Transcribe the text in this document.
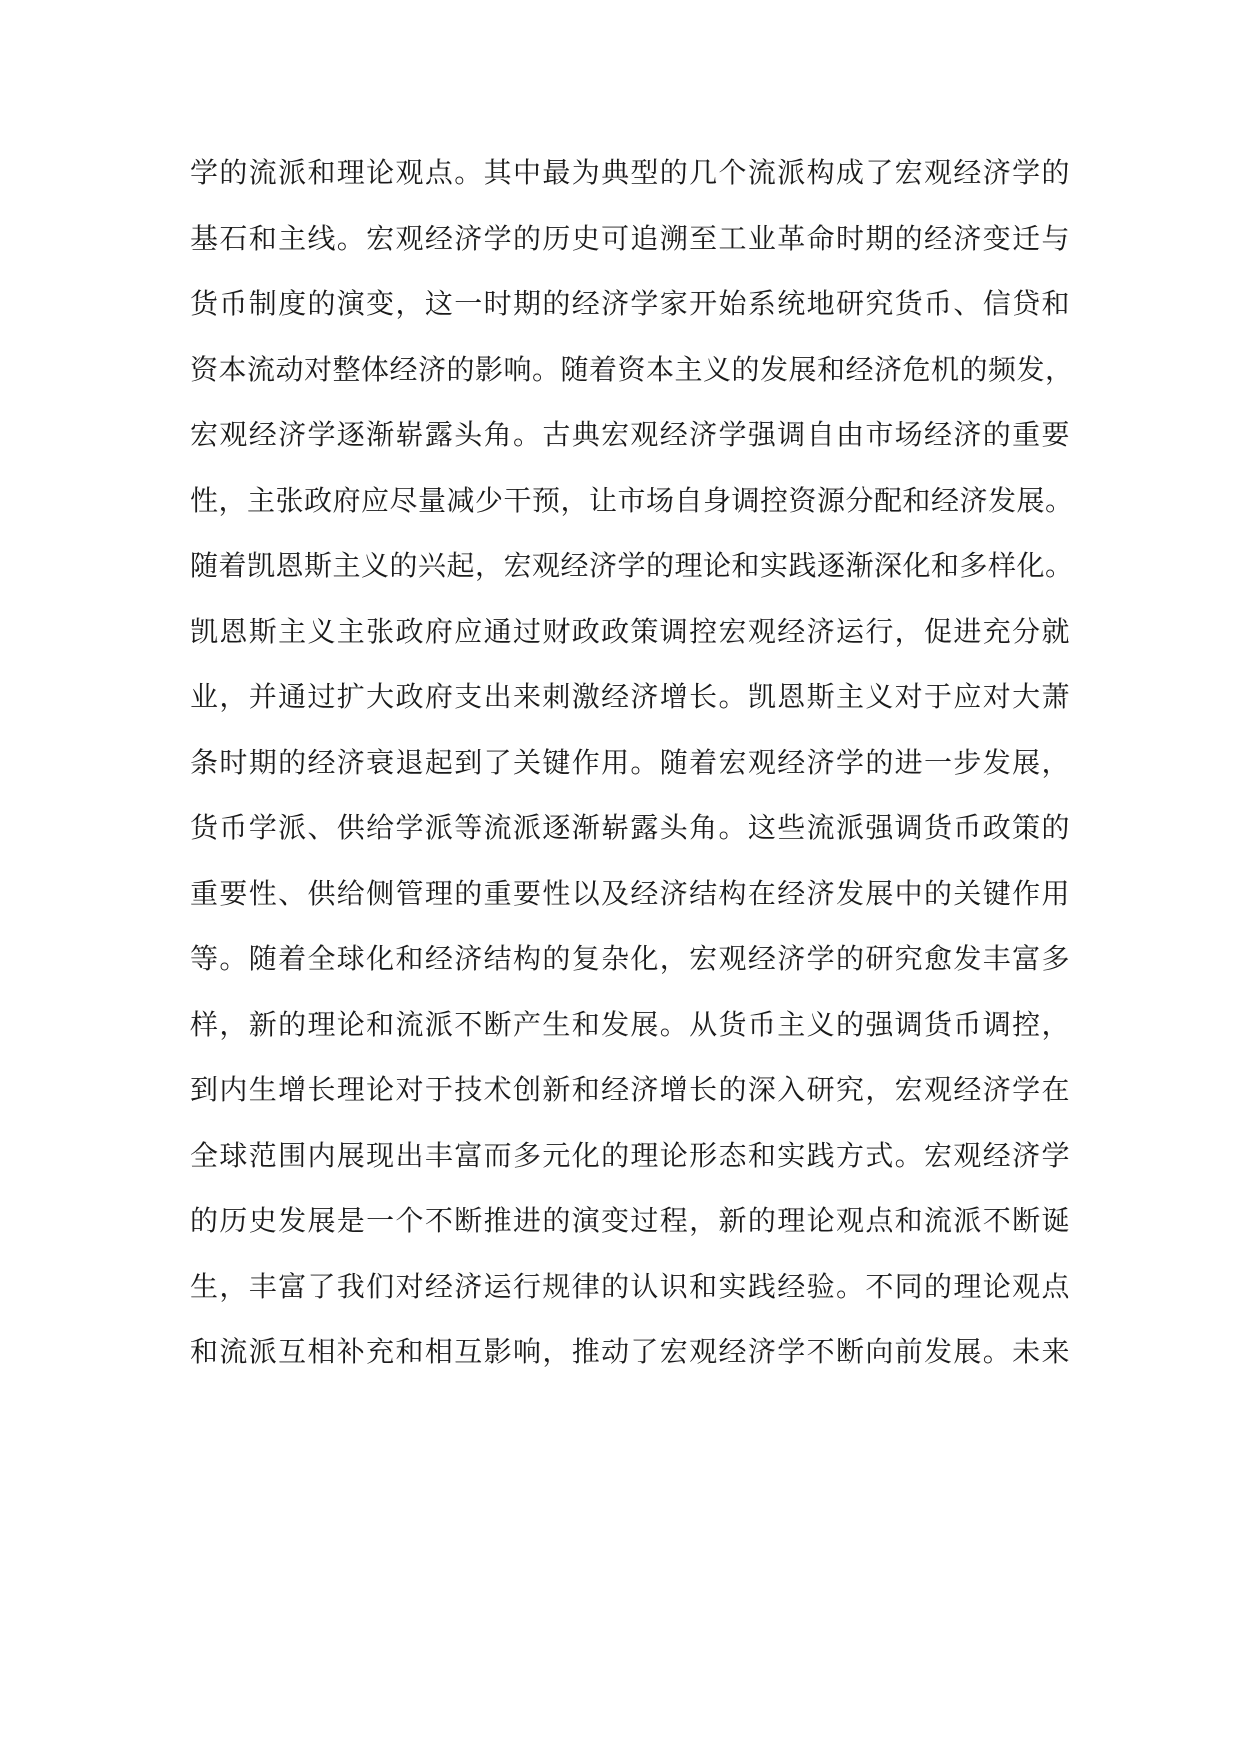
学的流派和理论观点。其中最为典型的几个流派构成了宏观经济学的
基石和主线。宏观经济学的历史可追溯至工业革命时期的经济变迁与
货币制度的演变，这一时期的经济学家开始系统地研究货币、信贷和
资本流动对整体经济的影响。随着资本主义的发展和经济危机的频发，
宏观经济学逐渐崭露头角。古典宏观经济学强调自由市场经济的重要
性，主张政府应尽量减少干预，让市场自身调控资源分配和经济发展。
随着凯恩斯主义的兴起，宏观经济学的理论和实践逐渐深化和多样化。
凯恩斯主义主张政府应通过财政政策调控宏观经济运行，促进充分就
业，并通过扩大政府支出来刺激经济增长。凯恩斯主义对于应对大萧
条时期的经济衰退起到了关键作用。随着宏观经济学的进一步发展，
货币学派、供给学派等流派逐渐崭露头角。这些流派强调货币政策的
重要性、供给侧管理的重要性以及经济结构在经济发展中的关键作用
等。随着全球化和经济结构的复杂化，宏观经济学的研究愈发丰富多
样，新的理论和流派不断产生和发展。从货币主义的强调货币调控，
到内生增长理论对于技术创新和经济增长的深入研究，宏观经济学在
全球范围内展现出丰富而多元化的理论形态和实践方式。宏观经济学
的历史发展是一个不断推进的演变过程，新的理论观点和流派不断诞
生，丰富了我们对经济运行规律的认识和实践经验。不同的理论观点
和流派互相补充和相互影响，推动了宏观经济学不断向前发展。未来
